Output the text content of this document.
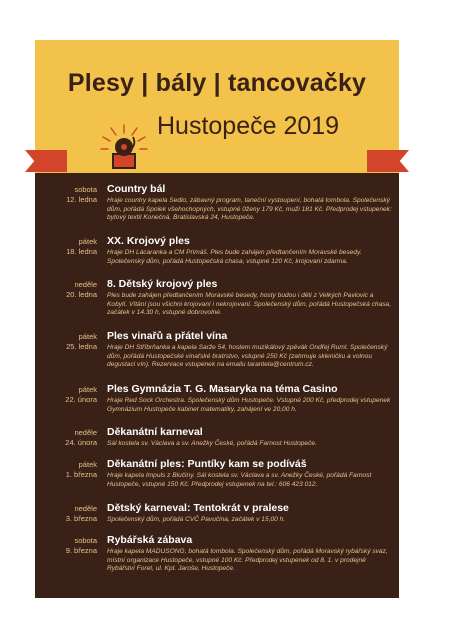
Plesy | bály | tancovačky
Hustopeče 2019
sobota
12. ledna
Country bál
Hraje country kapela Sedlo, zábavný program, taneční vystoupení, bohatá tombola. Společenský dům, pořádá Spolek všehochopných, vstupné 0ženy 179 Kč, muži 181 Kč. Předprodej vstupenek: bytový textil Konečná, Bratislavská 24, Hustopeče.
pátek
18. ledna
XX. Krojový ples
Hraje DH Lácaranka a CM Primáš. Ples bude zahájen předtančením Moravské besedy. Společenský dům, pořádá Hustopečská chasa, vstupné 120 Kč, krojovaní zdarma.
neděle
20. ledna
8. Dětský krojový ples
Ples bude zahájen předtančením Moravské besedy, hosty budou i děti z Velkých Pavlovic a Kobylí. Vítání jsou všichni krojovaní i nekrojovaní. Společenský dům, pořádá Hustopečská chasa, začátek v 14.30 h, vstupné dobrovolné.
pátek
25. ledna
Ples vinařů a přátel vína
Hraje DH Stříbrňanka a kapela Sarže 54, hostem muzikálový zpěvák Ondřej Ruml. Společenský dům, pořádá Hustopečské vinařské bratrstvo, vstupné 250 Kč (zahrnuje skleničku a volnou degustaci vín). Rezervace vstupenek na emailu tarantela@centrum.cz.
pátek
22. února
Ples Gymnázia T. G. Masaryka na téma Casino
Hraje Red Sock Orchestra. Společenský dům Hustopeče. Vstupné 200 Kč, předprodej vstupenek Gymnázium Hustopeče kabinet matematiky, zahájení ve 20,00 h.
neděle
24. února
Děkanátní karneval
Sál kostela sv. Václava a sv. Anežky České, pořádá Farnost Hustopeče.
pátek
1. března
Děkanátní ples: Puntíky kam se podíváš
Hraje kapela Impuls z Blučiny. Sál kostela sv. Václava a sv. Anežky České, pořádá Farnost Hustopeče, vstupné 150 Kč. Předprodej vstupenek na tel.: 606 423 012.
neděle
3. března
Dětský karneval: Tentokrát v pralese
Společenský dům, pořádá CVČ Pavučina, začátek v 15,00 h.
sobota
9. března
Rybářská zábava
Hraje kapela MADUSONG, bohatá tombola. Společenský dům, pořádá Moravský rybářský svaz, místní organizace Hustopeče, vstupné 100 Kč. Předprodej vstupenek od 8. 1. v prodejně Rybářství Foret, ul. Kpt. Jaroše, Hustopeče.
